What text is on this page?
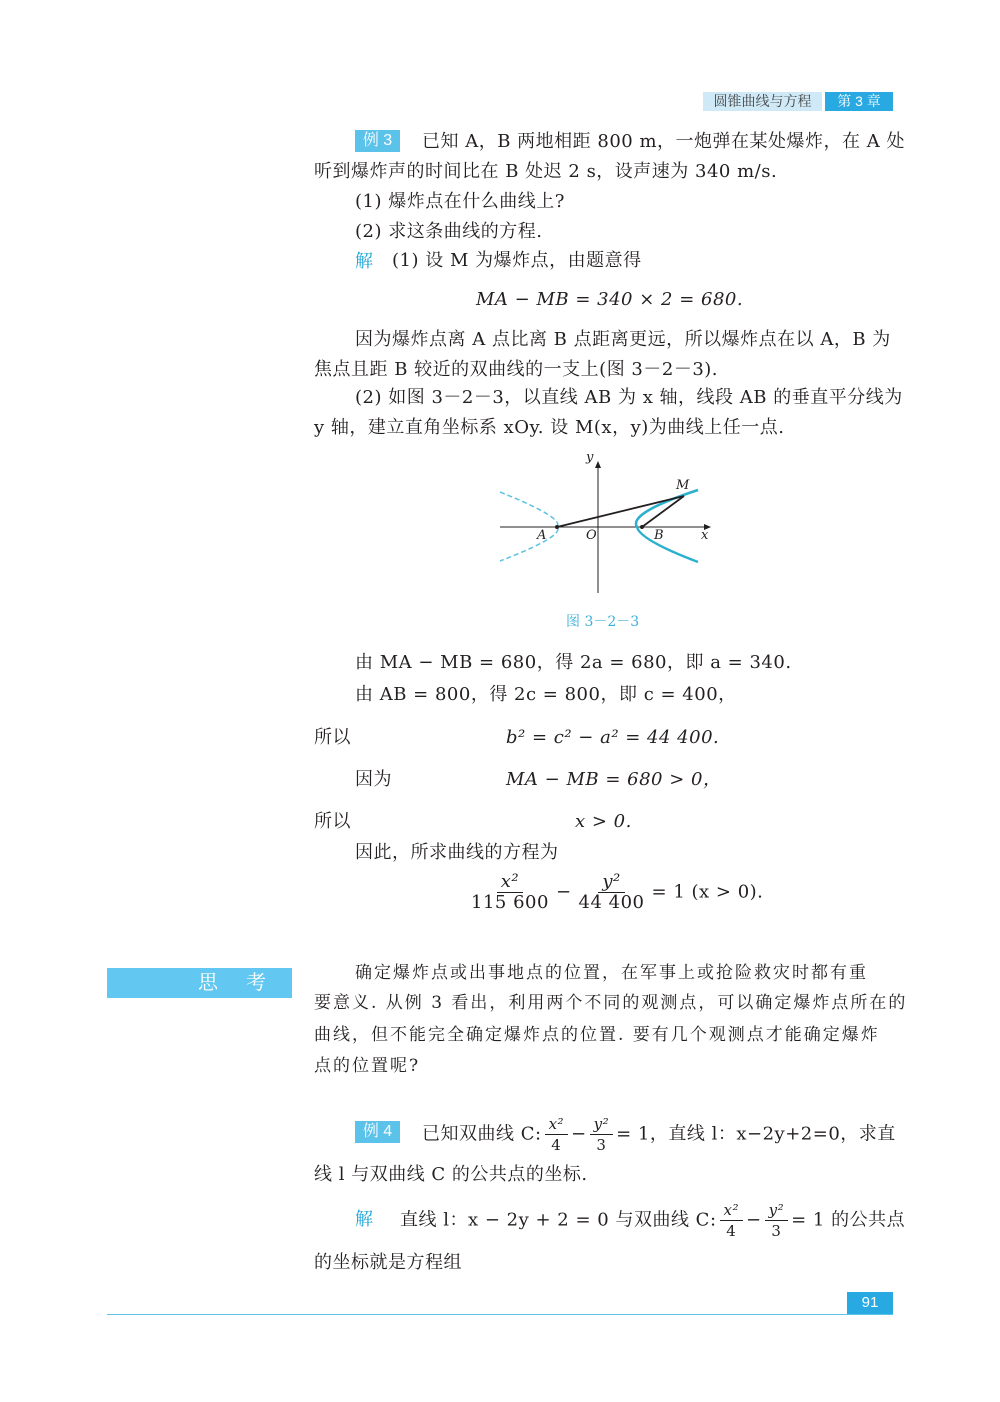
圆锥曲线与方程	第 3 章
例 3	已知 A，B 两地相距 800 m，一炮弹在某处爆炸，在 A 处
听到爆炸声的时间比在 B 处迟 2 s，设声速为 340 m/s.
(1) 爆炸点在什么曲线上?
(2) 求这条曲线的方程.
解 (1) 设 M 为爆炸点，由题意得
MA − MB = 340 × 2 = 680.
因为爆炸点离 A 点比离 B 点距离更远，所以爆炸点在以 A，B 为
焦点且距 B 较近的双曲线的一支上(图 3－2－3).
(2) 如图 3－2－3，以直线 AB 为 x 轴，线段 AB 的垂直平分线为
y 轴，建立直角坐标系 xOy. 设 M(x，y)为曲线上任一点.
A	O	B
M
x
y
图 3－2－3
由 MA − MB = 680，得 2a = 680，即 a = 340.
由 AB = 800，得 2c = 800，即 c = 400，
所以	b² = c² − a² = 44 400.
因为	MA − MB = 680 > 0，
所以	x > 0.
因此，所求曲线的方程为
$\frac{\text{x²}}{115 600} - \frac{\text{y²}}{44 400} = 1$ (x > 0).
思　考	确定爆炸点或出事地点的位置，在军事上或抢险救灾时都有重
要意义. 从例 3 看出，利用两个不同的观测点，可以确定爆炸点所在的
曲线，但不能完全确定爆炸点的位置. 要有几个观测点才能确定爆炸
点的位置呢?
例 4	已知双曲线 C: $\frac{\text{x²}}{4} - \frac{\text{y²}}{3} = 1$，直线 l：x−2y+2=0，求直
线 l 与双曲线 C 的公共点的坐标.
解 直线 l：x − 2y + 2 = 0 与双曲线 C: $\frac{\text{x²}}{4} - \frac{\text{y²}}{3} = 1$ 的公共点
的坐标就是方程组
91
